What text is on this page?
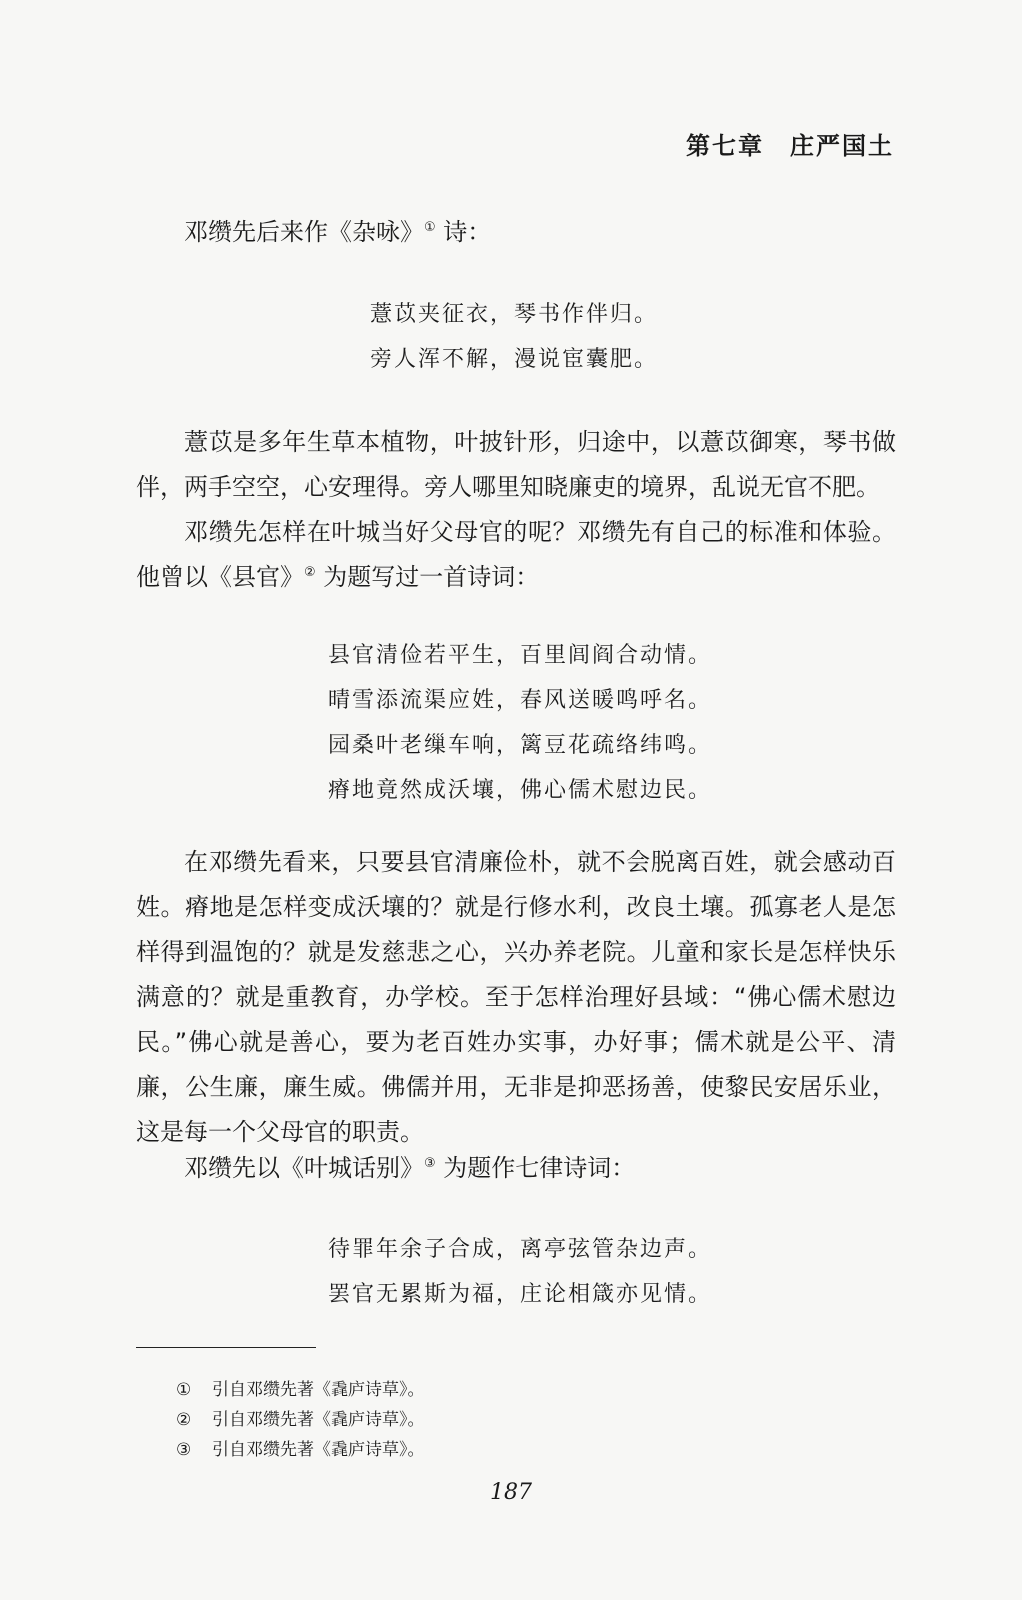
第七章 庄严国土

邓缵先后来作《杂咏》① 诗：

薏苡夹征衣，琴书作伴归。
旁人浑不解，漫说宦囊肥。

薏苡是多年生草本植物，叶披针形，归途中，以薏苡御寒，琴书做伴，两手空空，心安理得。旁人哪里知晓廉吏的境界，乱说无官不肥。

邓缵先怎样在叶城当好父母官的呢？邓缵先有自己的标准和体验。他曾以《县官》② 为题写过一首诗词：

县官清俭若平生，百里闾阎合动情。
晴雪添流渠应姓，春风送暖鸣呼名。
园桑叶老缫车响，篱豆花疏络纬鸣。
瘠地竟然成沃壤，佛心儒术慰边民。

在邓缵先看来，只要县官清廉俭朴，就不会脱离百姓，就会感动百姓。瘠地是怎样变成沃壤的？就是行修水利，改良土壤。孤寡老人是怎样得到温饱的？就是发慈悲之心，兴办养老院。儿童和家长是怎样快乐满意的？就是重教育，办学校。至于怎样治理好县域：“佛心儒术慰边民。”佛心就是善心，要为老百姓办实事，办好事；儒术就是公平、清廉，公生廉，廉生威。佛儒并用，无非是抑恶扬善，使黎民安居乐业，这是每一个父母官的职责。

邓缵先以《叶城话别》③ 为题作七律诗词：

待罪年余子合成，离亭弦管杂边声。
罢官无累斯为福，庄论相箴亦见情。
① 引自邓缵先著《毳庐诗草》。
② 引自邓缵先著《毳庐诗草》。
③ 引自邓缵先著《毳庐诗草》。
187
